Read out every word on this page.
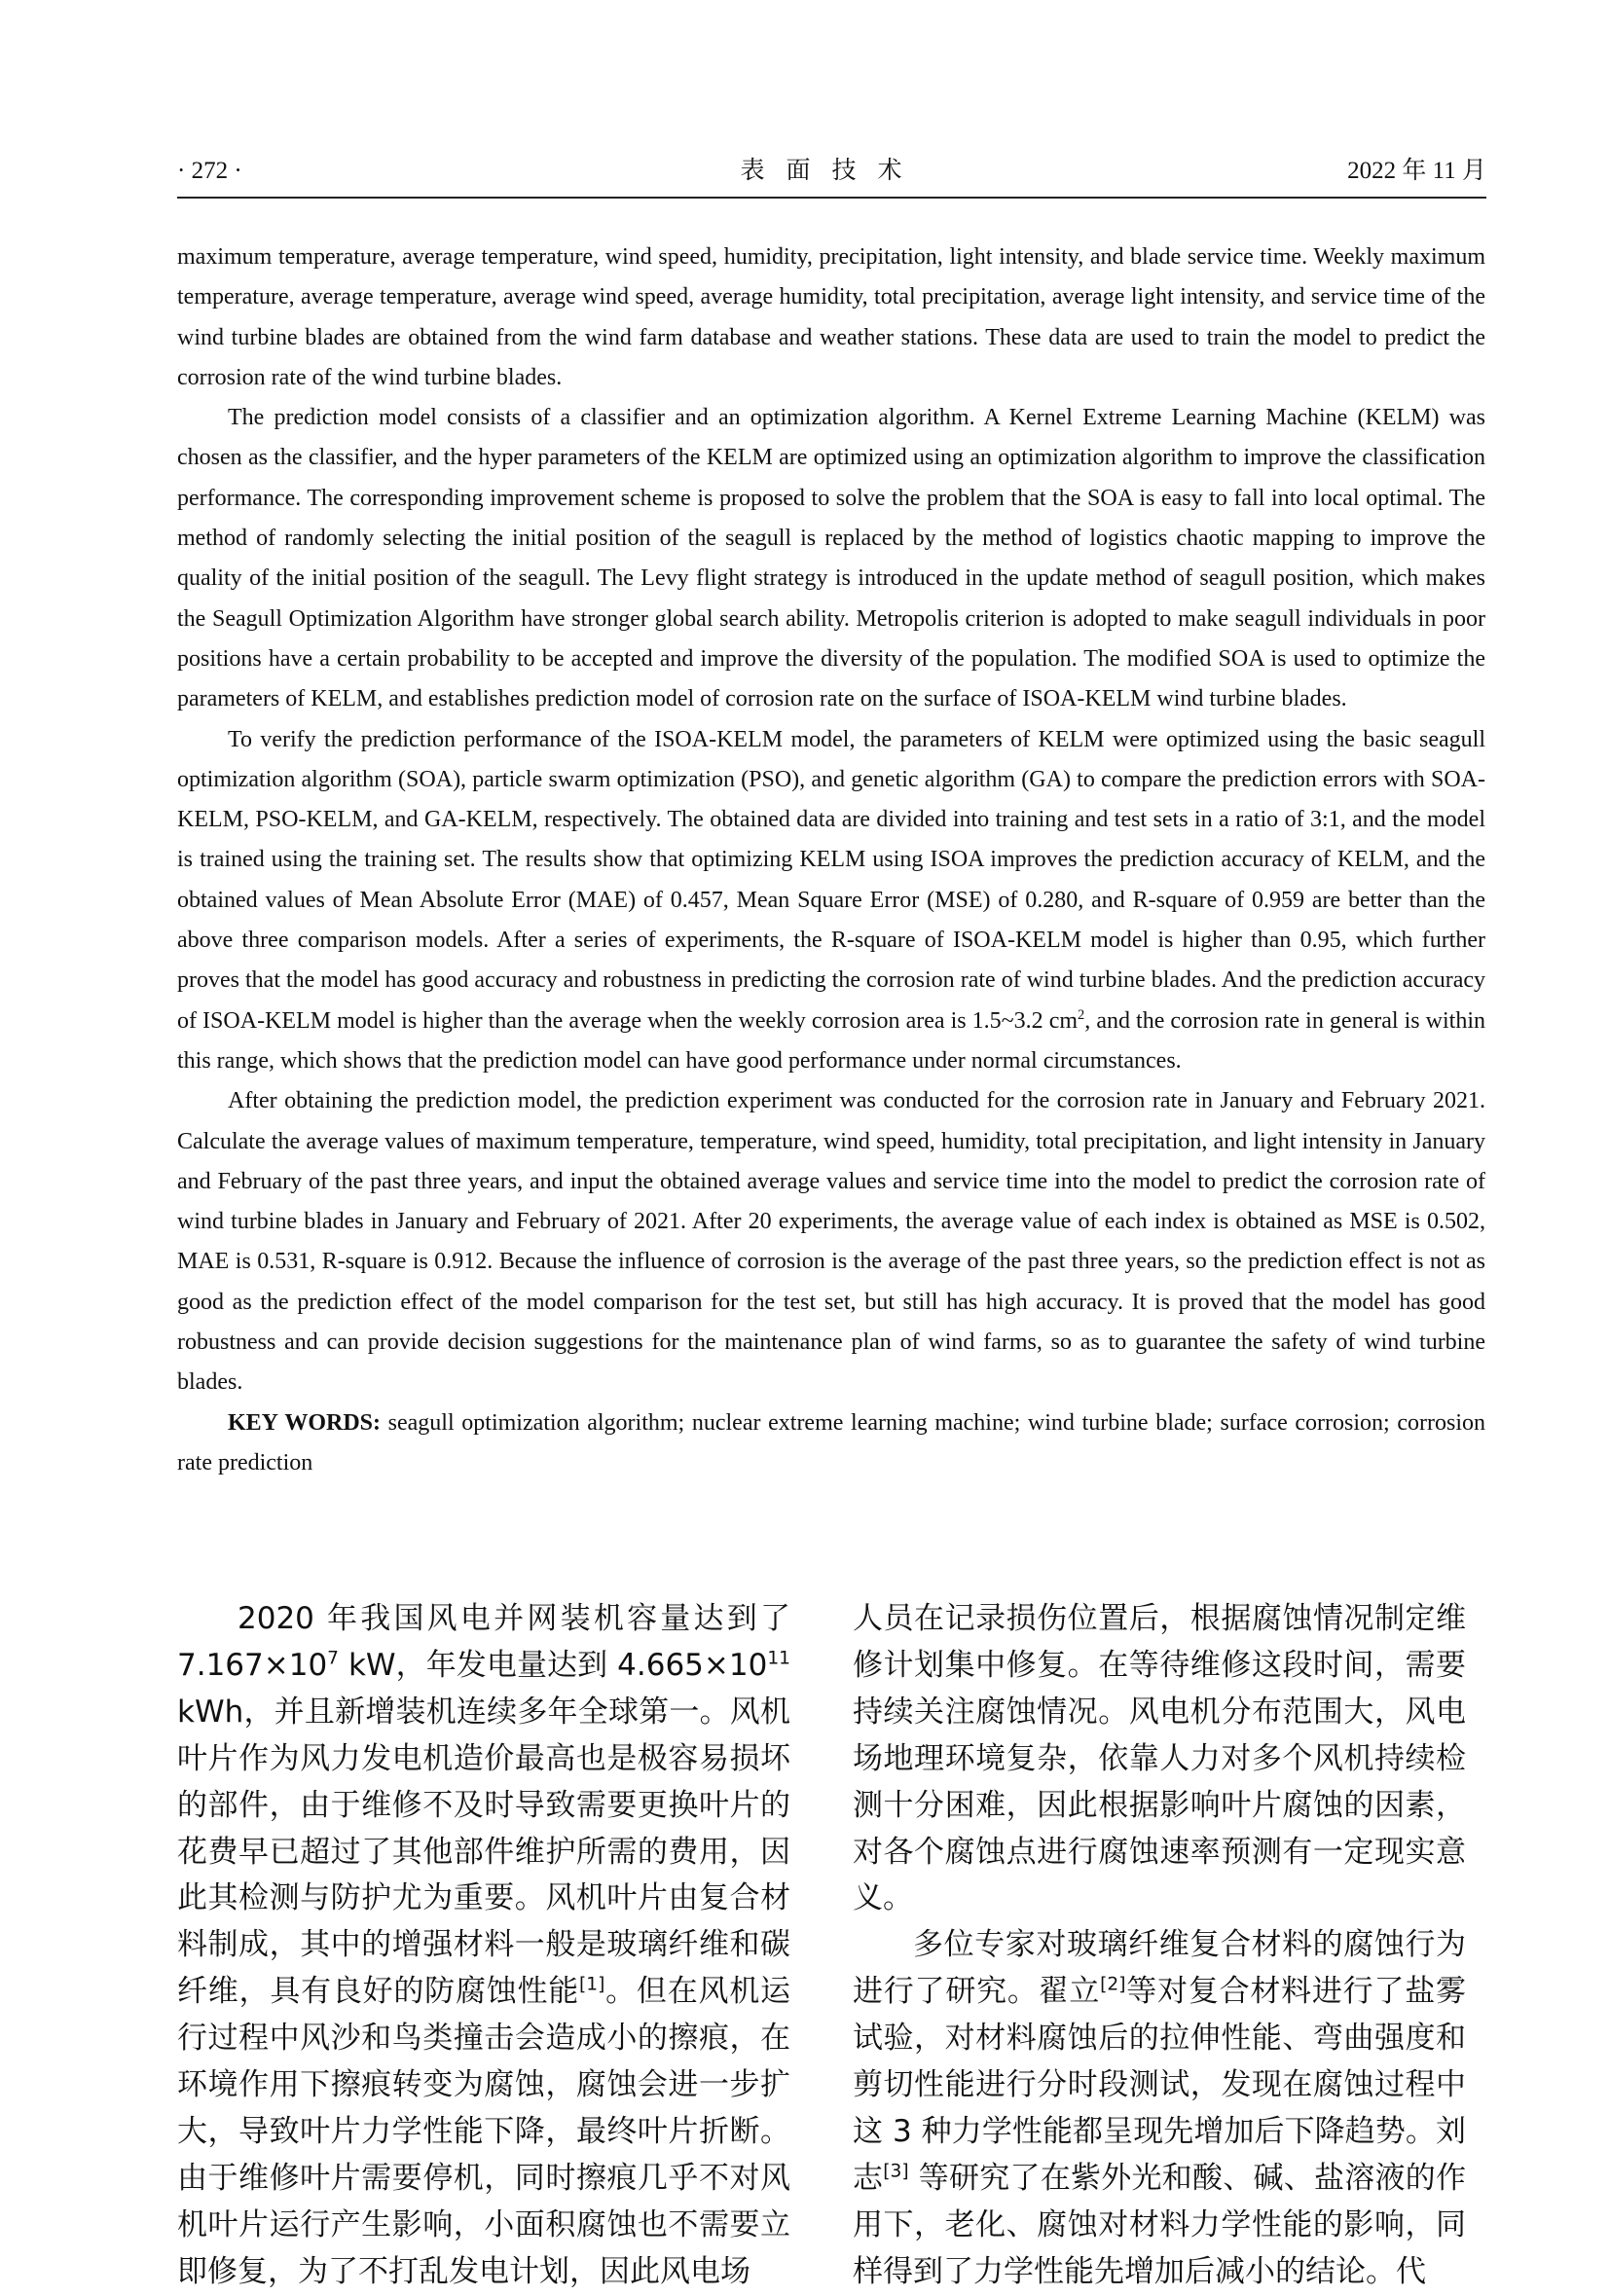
· 272 ·	表面技术	2022 年 11 月

maximum temperature, average temperature, wind speed, humidity, precipitation, light intensity, and blade service time. Weekly maximum temperature, average temperature, average wind speed, average humidity, total precipitation, average light intensity, and service time of the wind turbine blades are obtained from the wind farm database and weather stations. These data are used to train the model to predict the corrosion rate of the wind turbine blades.

The prediction model consists of a classifier and an optimization algorithm. A Kernel Extreme Learning Machine (KELM) was chosen as the classifier, and the hyper parameters of the KELM are optimized using an optimization algorithm to improve the classification performance. The corresponding improvement scheme is proposed to solve the problem that the SOA is easy to fall into local optimal. The method of randomly selecting the initial position of the seagull is replaced by the method of logistics chaotic mapping to improve the quality of the initial position of the seagull. The Levy flight strategy is introduced in the update method of seagull position, which makes the Seagull Optimization Algorithm have stronger global search ability. Metropolis criterion is adopted to make seagull individuals in poor positions have a certain probability to be accepted and improve the diversity of the population. The modified SOA is used to optimize the parameters of KELM, and establishes prediction model of corrosion rate on the surface of ISOA-KELM wind turbine blades.

To verify the prediction performance of the ISOA-KELM model, the parameters of KELM were optimized using the basic seagull optimization algorithm (SOA), particle swarm optimization (PSO), and genetic algorithm (GA) to compare the prediction errors with SOA-KELM, PSO-KELM, and GA-KELM, respectively. The obtained data are divided into training and test sets in a ratio of 3:1, and the model is trained using the training set. The results show that optimizing KELM using ISOA improves the prediction accuracy of KELM, and the obtained values of Mean Absolute Error (MAE) of 0.457, Mean Square Error (MSE) of 0.280, and R-square of 0.959 are better than the above three comparison models. After a series of experiments, the R-square of ISOA-KELM model is higher than 0.95, which further proves that the model has good accuracy and robustness in predicting the corrosion rate of wind turbine blades. And the prediction accuracy of ISOA-KELM model is higher than the average when the weekly corrosion area is 1.5~3.2 $cm^2$, and the corrosion rate in general is within this range, which shows that the prediction model can have good performance under normal circumstances.

After obtaining the prediction model, the prediction experiment was conducted for the corrosion rate in January and February 2021. Calculate the average values of maximum temperature, temperature, wind speed, humidity, total precipitation, and light intensity in January and February of the past three years, and input the obtained average values and service time into the model to predict the corrosion rate of wind turbine blades in January and February of 2021. After 20 experiments, the average value of each index is obtained as MSE is 0.502, MAE is 0.531, R-square is 0.912. Because the influence of corrosion is the average of the past three years, so the prediction effect is not as good as the prediction effect of the model comparison for the test set, but still has high accuracy. It is proved that the model has good robustness and can provide decision suggestions for the maintenance plan of wind farms, so as to guarantee the safety of wind turbine blades.

KEY WORDS: seagull optimization algorithm; nuclear extreme learning machine; wind turbine blade; surface corrosion; corrosion rate prediction

2020 年我国风电并网装机容量达到了 $7.167\times 10^7$ kW，年发电量达到 $4.665\times 10^{11}$ kWh，并且新增装机连续多年全球第一。风机叶片作为风力发电机造价最高也是极容易损坏的部件，由于维修不及时导致需要更换叶片的花费早已超过了其他部件维护所需的费用，因此其检测与防护尤为重要。风机叶片由复合材料制成，其中的增强材料一般是玻璃纤维和碳纤维，具有良好的防腐蚀性能[1]。但在风机运行过程中风沙和鸟类撞击会造成小的擦痕，在环境作用下擦痕转变为腐蚀，腐蚀会进一步扩大，导致叶片力学性能下降，最终叶片折断。由于维修叶片需要停机，同时擦痕几乎不对风机叶片运行产生影响，小面积腐蚀也不需要立即修复，为了不打乱发电计划，因此风电场

人员在记录损伤位置后，根据腐蚀情况制定维修计划集中修复。在等待维修这段时间，需要持续关注腐蚀情况。风电机分布范围大，风电场地理环境复杂，依靠人力对多个风机持续检测十分困难，因此根据影响叶片腐蚀的因素，对各个腐蚀点进行腐蚀速率预测有一定现实意义。

多位专家对玻璃纤维复合材料的腐蚀行为进行了研究。翟立[2]等对复合材料进行了盐雾试验，对材料腐蚀后的拉伸性能、弯曲强度和剪切性能进行分时段测试，发现在腐蚀过程中这 3 种力学性能都呈现先增加后下降趋势。刘志[3] 等研究了在紫外光和酸、碱、盐溶液的作用下，老化、腐蚀对材料力学性能的影响，同样得到了力学性能先增加后减小的结论。代
